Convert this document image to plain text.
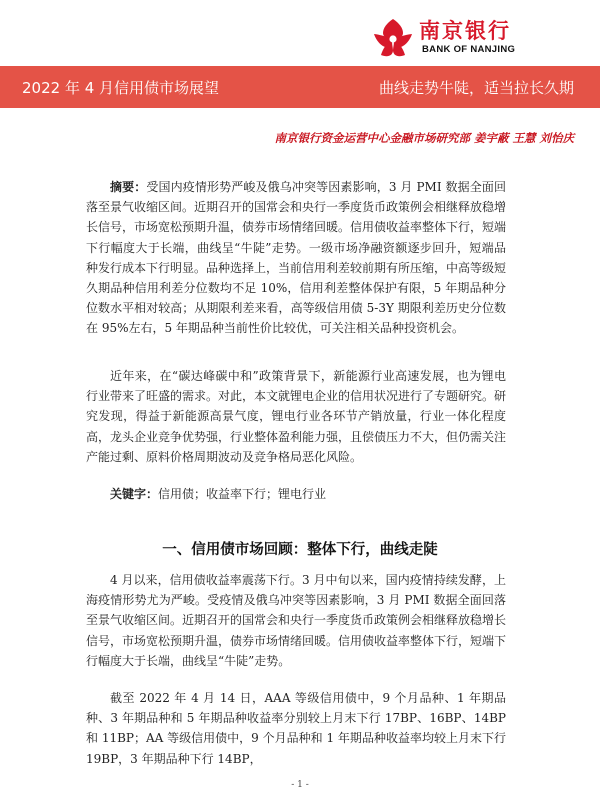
南京银行
BANK OF NANJING
2022 年 4 月信用债市场展望	曲线走势牛陡，适当拉长久期
南京银行资金运营中心金融市场研究部 姜宇蔽 王慧 刘怡庆

摘要：受国内疫情形势严峻及俄乌冲突等因素影响，3 月 PMI 数据全面回落至景气收缩区间。近期召开的国常会和央行一季度货币政策例会相继释放稳增长信号，市场宽松预期升温，债券市场情绪回暖。信用债收益率整体下行，短端下行幅度大于长端，曲线呈“牛陡”走势。一级市场净融资额逐步回升，短端品种发行成本下行明显。品种选择上，当前信用利差较前期有所压缩，中高等级短久期品种信用利差分位数均不足 10%，信用利差整体保护有限，5 年期品种分位数水平相对较高；从期限利差来看，高等级信用债 5-3Y 期限利差历史分位数在 95%左右，5 年期品种当前性价比较优，可关注相关品种投资机会。

近年来，在“碳达峰碳中和”政策背景下，新能源行业高速发展，也为锂电行业带来了旺盛的需求。对此，本文就锂电企业的信用状况进行了专题研究。研究发现，得益于新能源高景气度，锂电行业各环节产销放量，行业一体化程度高，龙头企业竞争优势强，行业整体盈利能力强，且偿债压力不大，但仍需关注产能过剩、原料价格周期波动及竞争格局恶化风险。

关键字：信用债；收益率下行；锂电行业

一、信用债市场回顾：整体下行，曲线走陡

4 月以来，信用债收益率震荡下行。3 月中旬以来，国内疫情持续发酵，上海疫情形势尤为严峻。受疫情及俄乌冲突等因素影响，3 月 PMI 数据全面回落至景气收缩区间。近期召开的国常会和央行一季度货币政策例会相继释放稳增长信号，市场宽松预期升温，债券市场情绪回暖。信用债收益率整体下行，短端下行幅度大于长端，曲线呈“牛陡”走势。

截至 2022 年 4 月 14 日，AAA 等级信用债中，9 个月品种、1 年期品种、3 年期品种和 5 年期品种收益率分别较上月末下行 17BP、16BP、14BP 和 11BP；AA 等级信用债中，9 个月品种和 1 年期品种收益率均较上月末下行 19BP，3 年期品种下行 14BP，

- 1 -
